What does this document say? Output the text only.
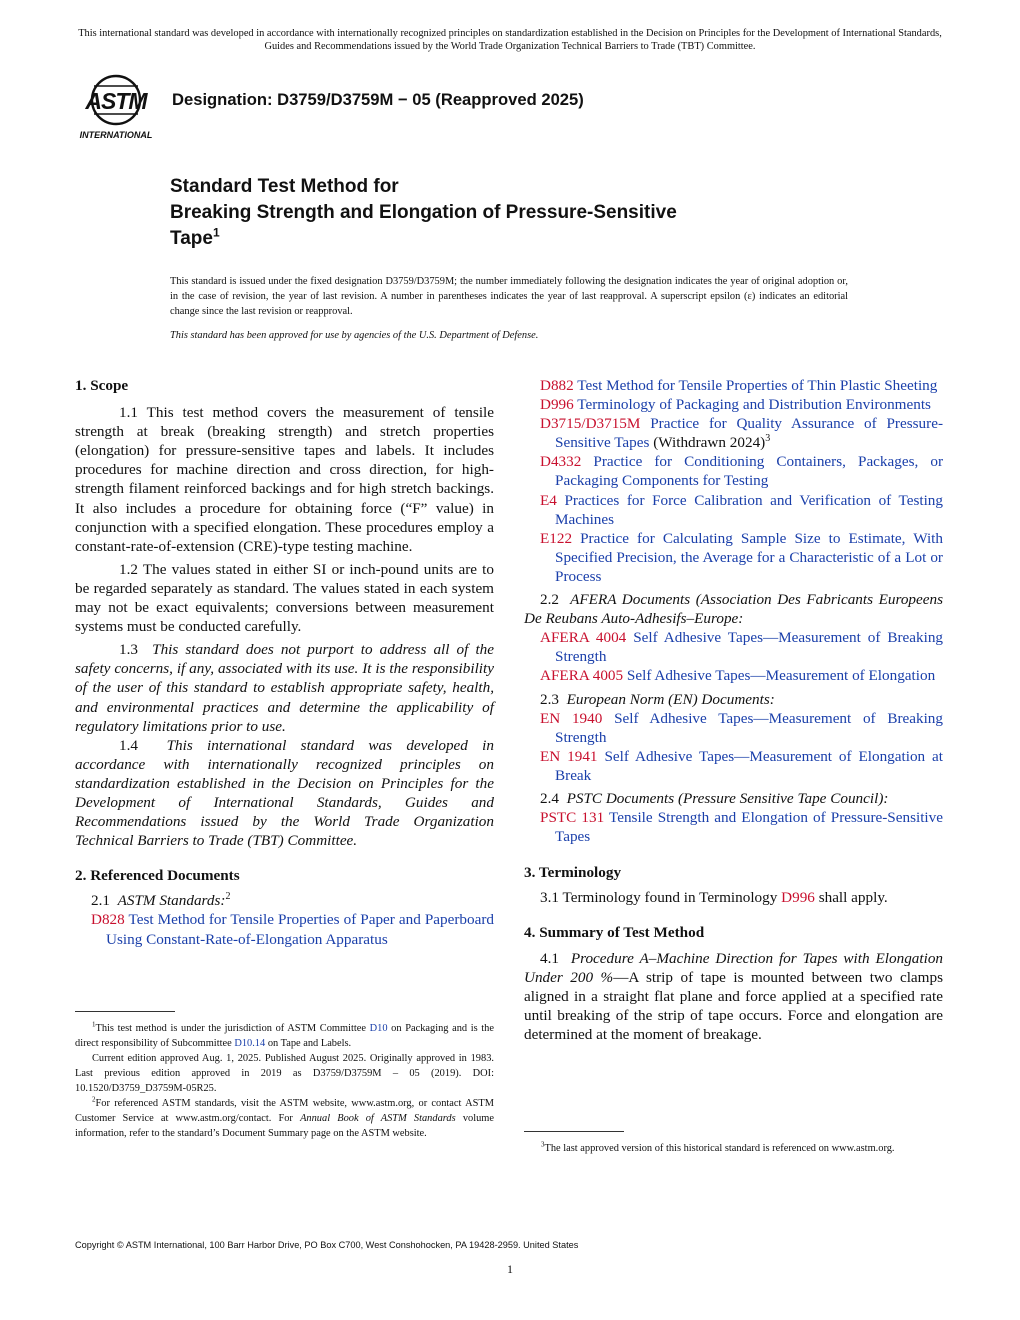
This international standard was developed in accordance with internationally recognized principles on standardization established in the Decision on Principles for the Development of International Standards, Guides and Recommendations issued by the World Trade Organization Technical Barriers to Trade (TBT) Committee.
ASTM
INTERNATIONAL
Designation: D3759/D3759M − 05 (Reapproved 2025)
Standard Test Method for
Breaking Strength and Elongation of Pressure-Sensitive
Tape$^1$
This standard is issued under the fixed designation D3759/D3759M; the number immediately following the designation indicates the year of original adoption or, in the case of revision, the year of last revision. A number in parentheses indicates the year of last reapproval. A superscript epsilon (ε) indicates an editorial change since the last revision or reapproval.
This standard has been approved for use by agencies of the U.S. Department of Defense.
1. Scope
1.1 This test method covers the measurement of tensile strength at break (breaking strength) and stretch properties (elongation) for pressure-sensitive tapes and labels. It includes procedures for machine direction and cross direction, for high-strength filament reinforced backings and for high stretch backings. It also includes a procedure for obtaining force (“F” value) in conjunction with a specified elongation. These procedures employ a constant-rate-of-extension (CRE)-type testing machine.
1.2 The values stated in either SI or inch-pound units are to be regarded separately as standard. The values stated in each system may not be exact equivalents; conversions between measurement systems must be conducted carefully.
1.3 This standard does not purport to address all of the safety concerns, if any, associated with its use. It is the responsibility of the user of this standard to establish appropriate safety, health, and environmental practices and determine the applicability of regulatory limitations prior to use.
1.4 This international standard was developed in accordance with internationally recognized principles on standardization established in the Decision on Principles for the Development of International Standards, Guides and Recommendations issued by the World Trade Organization Technical Barriers to Trade (TBT) Committee.
2. Referenced Documents
2.1 ASTM Standards:$^2$
D828 Test Method for Tensile Properties of Paper and Paperboard Using Constant-Rate-of-Elongation Apparatus
$^1$This test method is under the jurisdiction of ASTM Committee D10 on Packaging and is the direct responsibility of Subcommittee D10.14 on Tape and Labels.
Current edition approved Aug. 1, 2025. Published August 2025. Originally approved in 1983. Last previous edition approved in 2019 as D3759/D3759M – 05 (2019). DOI: 10.1520/D3759_D3759M-05R25.
$^2$For referenced ASTM standards, visit the ASTM website, www.astm.org, or contact ASTM Customer Service at www.astm.org/contact. For Annual Book of ASTM Standards volume information, refer to the standard’s Document Summary page on the ASTM website.
D882 Test Method for Tensile Properties of Thin Plastic Sheeting
D996 Terminology of Packaging and Distribution Environments
D3715/D3715M Practice for Quality Assurance of Pressure-Sensitive Tapes (Withdrawn 2024)$^3$
D4332 Practice for Conditioning Containers, Packages, or Packaging Components for Testing
E4 Practices for Force Calibration and Verification of Testing Machines
E122 Practice for Calculating Sample Size to Estimate, With Specified Precision, the Average for a Characteristic of a Lot or Process
2.2 AFERA Documents (Association Des Fabricants Europeens De Reubans Auto-Adhesifs–Europe:
AFERA 4004 Self Adhesive Tapes—Measurement of Breaking Strength
AFERA 4005 Self Adhesive Tapes—Measurement of Elongation
2.3 European Norm (EN) Documents:
EN 1940 Self Adhesive Tapes—Measurement of Breaking Strength
EN 1941 Self Adhesive Tapes—Measurement of Elongation at Break
2.4 PSTC Documents (Pressure Sensitive Tape Council):
PSTC 131 Tensile Strength and Elongation of Pressure-Sensitive Tapes
3. Terminology
3.1 Terminology found in Terminology D996 shall apply.
4. Summary of Test Method
4.1 Procedure A–Machine Direction for Tapes with Elongation Under 200 %—A strip of tape is mounted between two clamps aligned in a straight flat plane and force applied at a specified rate until breaking of the strip of tape occurs. Force and elongation are determined at the moment of breakage.
$^3$The last approved version of this historical standard is referenced on www.astm.org.
Copyright © ASTM International, 100 Barr Harbor Drive, PO Box C700, West Conshohocken, PA 19428-2959. United States
1
